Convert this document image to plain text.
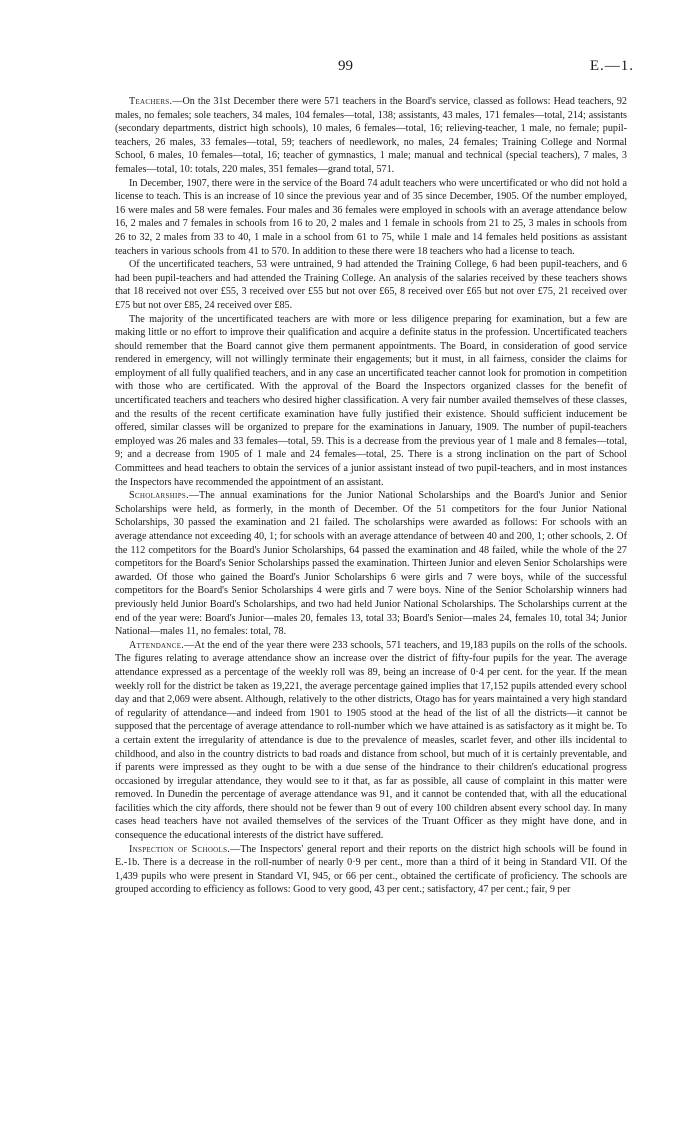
99	E.—1.

Teachers.—On the 31st December there were 571 teachers in the Board's service, classed as follows: Head teachers, 92 males, no females; sole teachers, 34 males, 104 females—total, 138; assistants, 43 males, 171 females—total, 214; assistants (secondary departments, district high schools), 10 males, 6 females—total, 16; relieving-teacher, 1 male, no female; pupil-teachers, 26 males, 33 females—total, 59; teachers of needlework, no males, 24 females; Training College and Normal School, 6 males, 10 females—total, 16; teacher of gymnastics, 1 male; manual and technical (special teachers), 7 males, 3 females—total, 10: totals, 220 males, 351 females—grand total, 571.

In December, 1907, there were in the service of the Board 74 adult teachers who were uncertificated or who did not hold a license to teach. This is an increase of 10 since the previous year and of 35 since December, 1905. Of the number employed, 16 were males and 58 were females. Four males and 36 females were employed in schools with an average attendance below 16, 2 males and 7 females in schools from 16 to 20, 2 males and 1 female in schools from 21 to 25, 3 males in schools from 26 to 32, 2 males from 33 to 40, 1 male in a school from 61 to 75, while 1 male and 14 females held positions as assistant teachers in various schools from 41 to 570. In addition to these there were 18 teachers who had a license to teach.

Of the uncertificated teachers, 53 were untrained, 9 had attended the Training College, 6 had been pupil-teachers, and 6 had been pupil-teachers and had attended the Training College. An analysis of the salaries received by these teachers shows that 18 received not over £55, 3 received over £55 but not over £65, 8 received over £65 but not over £75, 21 received over £75 but not over £85, 24 received over £85.

The majority of the uncertificated teachers are with more or less diligence preparing for examination, but a few are making little or no effort to improve their qualification and acquire a definite status in the profession. Uncertificated teachers should remember that the Board cannot give them permanent appointments. The Board, in consideration of good service rendered in emergency, will not willingly terminate their engagements; but it must, in all fairness, consider the claims for employment of all fully qualified teachers, and in any case an uncertificated teacher cannot look for promotion in competition with those who are certificated. With the approval of the Board the Inspectors organized classes for the benefit of uncertificated teachers and teachers who desired higher classification. A very fair number availed themselves of these classes, and the results of the recent certificate examination have fully justified their existence. Should sufficient inducement be offered, similar classes will be organized to prepare for the examinations in January, 1909. The number of pupil-teachers employed was 26 males and 33 females—total, 59. This is a decrease from the previous year of 1 male and 8 females—total, 9; and a decrease from 1905 of 1 male and 24 females—total, 25. There is a strong inclination on the part of School Committees and head teachers to obtain the services of a junior assistant instead of two pupil-teachers, and in most instances the Inspectors have recommended the appointment of an assistant.

Scholarships.—The annual examinations for the Junior National Scholarships and the Board's Junior and Senior Scholarships were held, as formerly, in the month of December. Of the 51 competitors for the four Junior National Scholarships, 30 passed the examination and 21 failed. The scholarships were awarded as follows: For schools with an average attendance not exceeding 40, 1; for schools with an average attendance of between 40 and 200, 1; other schools, 2. Of the 112 competitors for the Board's Junior Scholarships, 64 passed the examination and 48 failed, while the whole of the 27 competitors for the Board's Senior Scholarships passed the examination. Thirteen Junior and eleven Senior Scholarships were awarded. Of those who gained the Board's Junior Scholarships 6 were girls and 7 were boys, while of the successful competitors for the Board's Senior Scholarships 4 were girls and 7 were boys. Nine of the Senior Scholarship winners had previously held Junior Board's Scholarships, and two had held Junior National Scholarships. The Scholarships current at the end of the year were: Board's Junior—males 20, females 13, total 33; Board's Senior—males 24, females 10, total 34; Junior National—males 11, no females: total, 78.

Attendance.—At the end of the year there were 233 schools, 571 teachers, and 19,183 pupils on the rolls of the schools. The figures relating to average attendance show an increase over the district of fifty-four pupils for the year. The average attendance expressed as a percentage of the weekly roll was 89, being an increase of 0·4 per cent. for the year. If the mean weekly roll for the district be taken as 19,221, the average percentage gained implies that 17,152 pupils attended every school day and that 2,069 were absent. Although, relatively to the other districts, Otago has for years maintained a very high standard of regularity of attendance—and indeed from 1901 to 1905 stood at the head of the list of all the districts—it cannot be supposed that the percentage of average attendance to roll-number which we have attained is as satisfactory as it might be. To a certain extent the irregularity of attendance is due to the prevalence of measles, scarlet fever, and other ills incidental to childhood, and also in the country districts to bad roads and distance from school, but much of it is certainly preventable, and if parents were impressed as they ought to be with a due sense of the hindrance to their children's educational progress occasioned by irregular attendance, they would see to it that, as far as possible, all cause of complaint in this matter were removed. In Dunedin the percentage of average attendance was 91, and it cannot be contended that, with all the educational facilities which the city affords, there should not be fewer than 9 out of every 100 children absent every school day. In many cases head teachers have not availed themselves of the services of the Truant Officer as they might have done, and in consequence the educational interests of the district have suffered.

Inspection of Schools.—The Inspectors' general report and their reports on the district high schools will be found in E.-1b. There is a decrease in the roll-number of nearly 0·9 per cent., more than a third of it being in Standard VII. Of the 1,439 pupils who were present in Standard VI, 945, or 66 per cent., obtained the certificate of proficiency. The schools are grouped according to efficiency as follows: Good to very good, 43 per cent.; satisfactory, 47 per cent.; fair, 9 per
